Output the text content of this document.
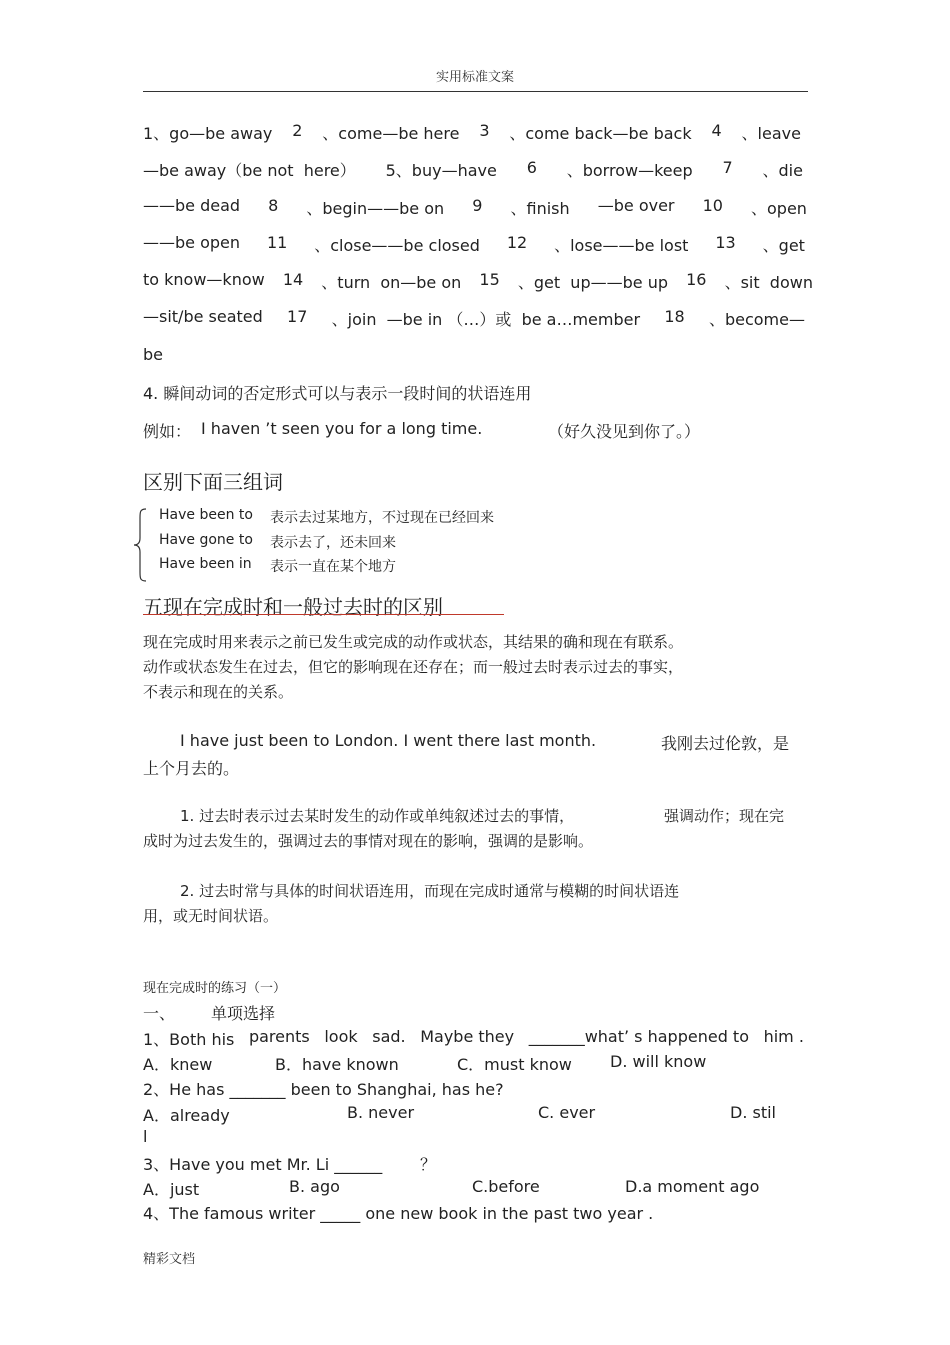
实用标准文案
1、go—be away 2 、come—be here 3 、come back—be back 4 、leave
—be away（be not  here） 5、buy—have 6 、borrow—keep 7 、die
——be dead 8 、begin——be on 9 、finish —be over 10 、open
——be open 11 、close——be closed 12 、lose——be lost 13 、get
to know—know 14 、turn  on—be on 15 、get  up——be up 16 、sit  down
—sit/be seated 17 、join  —be in （…）或  be a…member 18 、become—
be
4. 瞬间动词的否定形式可以与表示一段时间的状语连用
例如： I haven ’t seen you for a long time.	（好久没见到你了。）
区别下面三组词
Have been to 表示去过某地方，不过现在已经回来
Have gone to 表示去了，还未回来
Have been in 表示一直在某个地方
五现在完成时和一般过去时的区别
现在完成时用来表示之前已发生或完成的动作或状态，其结果的确和现在有联系。
动作或状态发生在过去，但它的影响现在还存在；而一般过去时表示过去的事实，
不表示和现在的关系。
I have just been to London. I went there last month.	我刚去过伦敦，是
上个月去的。
1. 过去时表示过去某时发生的动作或单纯叙述过去的事情，	强调动作；现在完
成时为过去发生的，强调过去的事情对现在的影响，强调的是影响。
2. 过去时常与具体的时间状语连用，而现在完成时通常与模糊的时间状语连
用，或无时间状语。
现在完成时的练习（一）
一、 单项选择
1、Both his parents look sad. Maybe they _______what’ s happened to him .
A．knew	B．have known	C．must know D. will know
2、He has _______ been to Shanghai, has he?
A．already	B. never	C. ever	D. stil
l
3、Have you met Mr. Li ______ ？
A．just	B. ago	C.before	D.a moment ago
4、The famous writer _____ one new book in the past two year .
精彩文档
